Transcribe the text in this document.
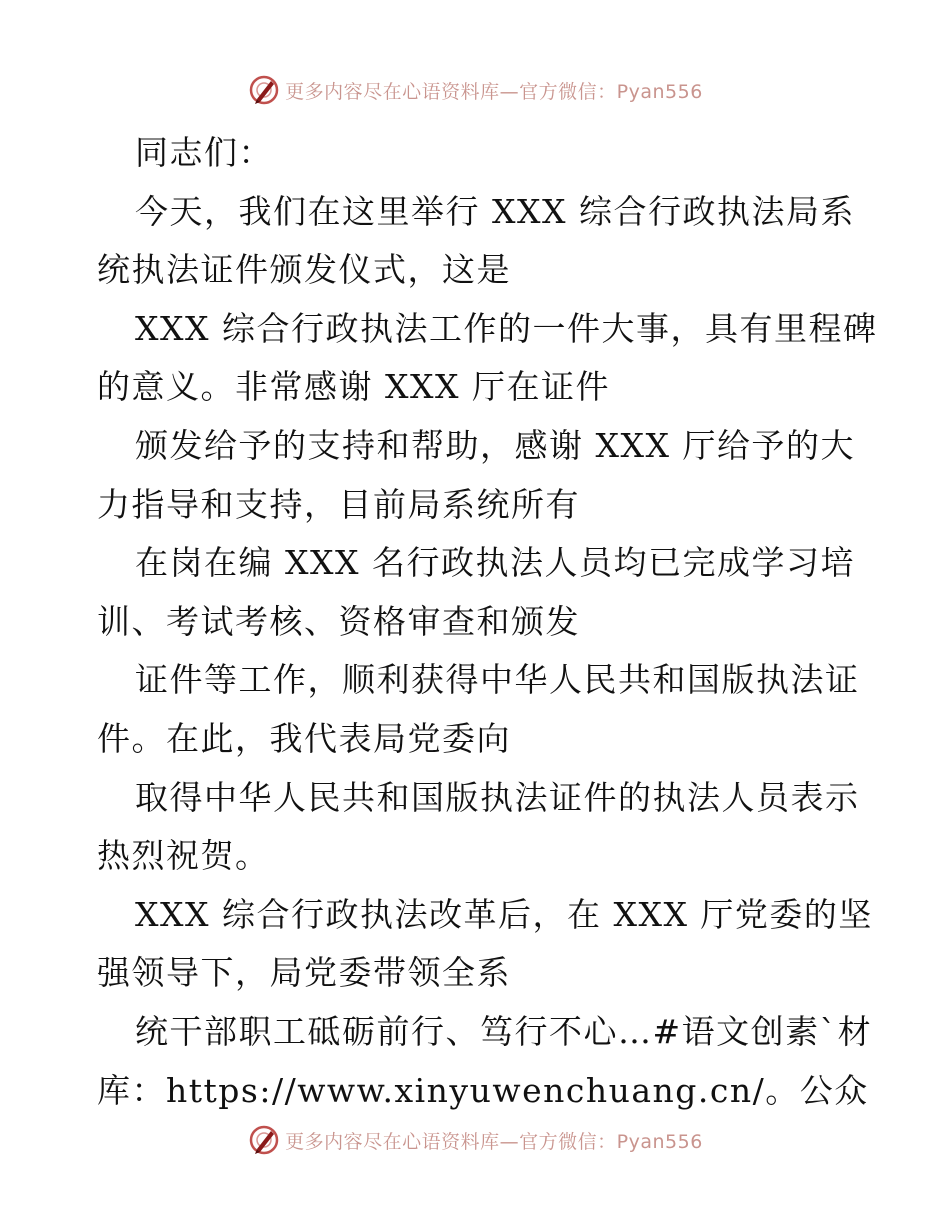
更多内容尽在心语资料库—官方微信：Pyan556
同志们：
今天，我们在这里举行 XXX 综合行政执法局系
统执法证件颁发仪式，这是
XXX 综合行政执法工作的一件大事，具有里程碑
的意义。非常感谢 XXX 厅在证件
颁发给予的支持和帮助，感谢 XXX 厅给予的大
力指导和支持，目前局系统所有
在岗在编 XXX 名行政执法人员均已完成学习培
训、考试考核、资格审查和颁发
证件等工作，顺利获得中华人民共和国版执法证
件。在此，我代表局党委向
取得中华人民共和国版执法证件的执法人员表示
热烈祝贺。
XXX 综合行政执法改革后，在 XXX 厅党委的坚
强领导下，局党委带领全系
统干部职工砥砺前行、笃行不心…#语文创素`材
库：https://www.xinyuwenchuang.cn/。公众
更多内容尽在心语资料库—官方微信：Pyan556
